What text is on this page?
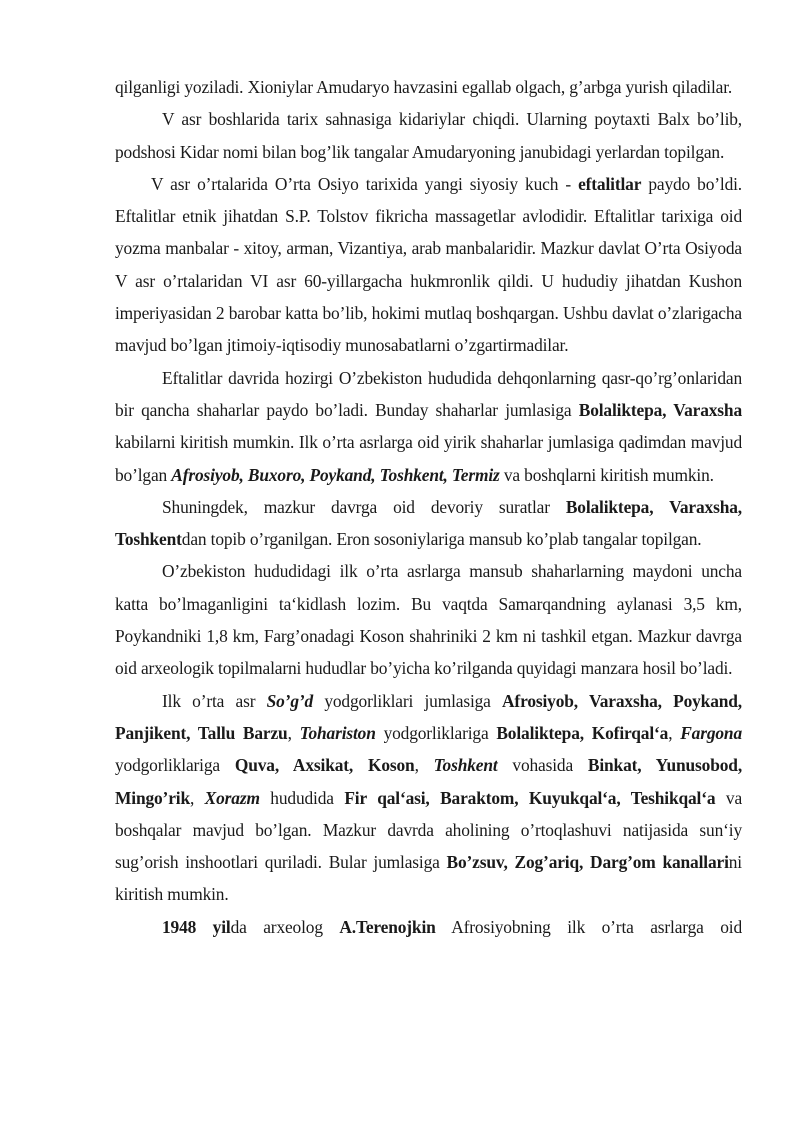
qilganligi yoziladi. Xioniylar Amudaryo havzasini egallab olgach, g’arbga yurish qiladilar.

V asr boshlarida tarix sahnasiga kidariylar chiqdi. Ularning poytaxti Balx bo’lib, podshosi Kidar nomi bilan bog’lik tangalar Amudaryoning janubidagi yerlardan topilgan.

V asr o’rtalarida O’rta Osiyo tarixida yangi siyosiy kuch - eftalitlar paydo bo’ldi. Eftalitlar etnik jihatdan S.P. Tolstov fikricha massagetlar avlodidir. Eftalitlar tarixiga oid yozma manbalar - xitoy, arman, Vizantiya, arab manbalaridir. Mazkur davlat O’rta Osiyoda V asr o’rtalaridan VI asr 60-yillargacha hukmronlik qildi. U hududiy jihatdan Kushon imperiyasidan 2 barobar katta bo’lib, hokimi mutlaq boshqargan. Ushbu davlat o’zlarigacha mavjud bo’lgan jtimoiy-iqtisodiy munosabatlarni o’zgartirmadilar.

Eftalitlar davrida hozirgi O’zbekiston hududida dehqonlarning qasr-qo’rg’onlaridan bir qancha shaharlar paydo bo’ladi. Bunday shaharlar jumlasiga Bolaliktepa, Varaxsha kabilarni kiritish mumkin. Ilk o’rta asrlarga oid yirik shaharlar jumlasiga qadimdan mavjud bo’lgan Afrosiyob, Buxoro, Poykand, Toshkent, Termiz va boshqlarni kiritish mumkin.

Shuningdek, mazkur davrga oid devoriy suratlar Bolaliktepa, Varaxsha, Toshkentdan topib o’rganilgan. Eron sosoniylariga mansub ko’plab tangalar topilgan.

O’zbekiston hududidagi ilk o’rta asrlarga mansub shaharlarning maydoni uncha katta bo’lmaganligini ta‘kidlash lozim. Bu vaqtda Samarqandning aylanasi 3,5 km, Poykandniki 1,8 km, Farg’onadagi Koson shahriniki 2 km ni tashkil etgan. Mazkur davrga oid arxeologik topilmalarni hududlar bo’yicha ko’rilganda quyidagi manzara hosil bo’ladi.

Ilk o’rta asr So’g’d yodgorliklari jumlasiga Afrosiyob, Varaxsha, Poykand, Panjikent, Tallu Barzu, Tohariston yodgorliklariga Bolaliktepa, Kofirqal‘a, Fargona yodgorliklariga Quva, Axsikat, Koson, Toshkent vohasida Binkat, Yunusobod, Mingo’rik, Xorazm hududida Fir qal‘asi, Baraktom, Kuyukqal‘a, Teshikqal‘a va boshqalar mavjud bo’lgan. Mazkur davrda aholining o’rtoqlashuvi natijasida sun‘iy sug’orish inshootlari quriladi. Bular jumlasiga Bo’zsuv, Zog’ariq, Darg’om kanallarini kiritish mumkin.

1948 yilda arxeolog A.Terenojkin Afrosiyobning ilk o’rta asrlarga oid
